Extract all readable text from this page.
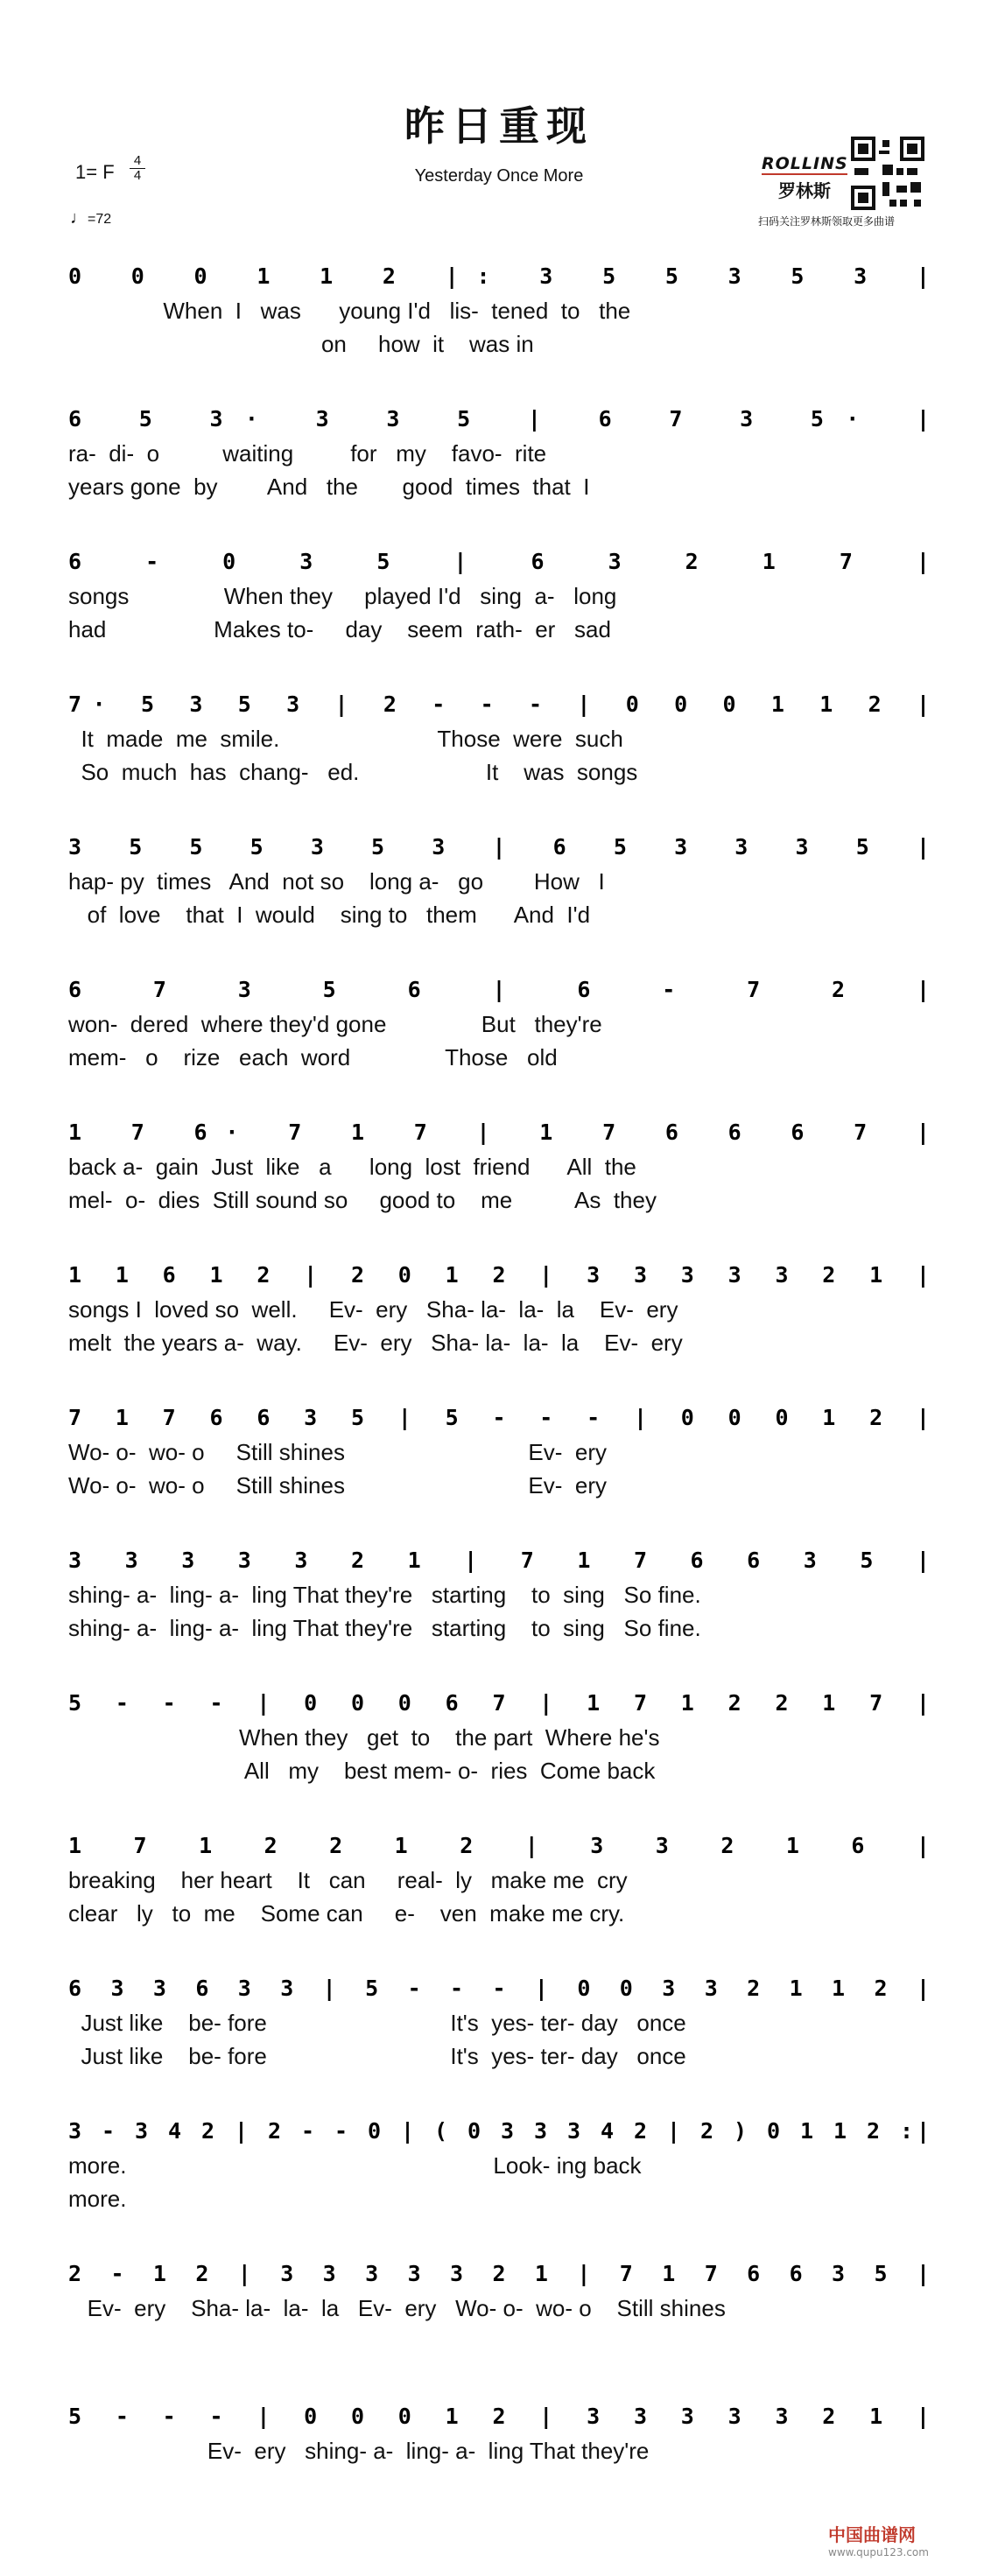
昨日重现
Yesterday Once More
1= F $\frac{4}{4}$
♩=72
ROLLINS
罗林斯
扫码关注罗林斯领取更多曲谱
0 0 0 1 1 2 |: 3 5 5 3 5 3 |
When  I   was      young I'd   lis-  tened  to   the
on     how  it    was in
6 5 3· 3 3 5 | 6 7 3 5· |
ra-  di-  o          waiting         for   my    favo-  rite
years gone  by        And   the       good  times  that  I
6 - 0 3 5 | 6 3 2 1 7 |
songs               When they     played I'd   sing  a-   long
had                 Makes to-     day    seem  rath-  er   sad
7· 5 3 5 3 | 2 - - - | 0 0 0 1 1 2 |
It  made  me  smile.                         Those  were  such
So  much  has  chang-   ed.                    It    was  songs
3 5 5 5 3 5 3 | 6 5 3 3 3 5 |
hap- py  times   And  not so    long a-   go        How   I
of  love    that  I  would    sing to   them      And  I'd
6 7 3 5 6 | 6 - 7 2 |
won-  dered  where they'd gone               But   they're
mem-   o    rize   each  word               Those   old
1 7 6· 7 1 7 | 1 7 6 6 6 7 |
back a-  gain  Just  like   a      long  lost  friend      All  the
mel-  o-  dies  Still sound so     good to    me          As  they
1 1 6 1 2 | 2 0 1 2 | 3 3 3 3 3 2 1 |
songs I  loved so  well.     Ev-  ery   Sha- la-  la-  la    Ev-  ery
melt  the years a-  way.     Ev-  ery   Sha- la-  la-  la    Ev-  ery
7 1 7 6 6 3 5 | 5 - - - | 0 0 0 1 2 |
Wo- o-  wo- o     Still shines                             Ev-  ery
Wo- o-  wo- o     Still shines                             Ev-  ery
3 3 3 3 3 2 1 | 7 1 7 6 6 3 5 |
shing- a-  ling- a-  ling That they're   starting    to  sing   So fine.
shing- a-  ling- a-  ling That they're   starting    to  sing   So fine.
5 - - - | 0 0 0 6 7 | 1 7 1 2 2 1 7 |
When they   get  to    the part  Where he's
All   my    best mem- o-  ries  Come back
1 7 1 2 2 1 2 | 3 3 2 1 6 |
breaking    her heart    It   can     real-  ly   make me  cry
clear   ly   to  me    Some can     e-    ven  make me cry.
6 3 3 6 3 3 | 5 - - - | 0 0 3 3 2 1 1 2 |
Just like    be- fore                             It's  yes- ter- day   once
Just like    be- fore                             It's  yes- ter- day   once
3 - 3 4 2 | 2 - - 0 | ( 0 3 3 3 4 2 | 2 ) 0 1 1 2 :|
more.                                                          Look- ing back
more.
2 - 1 2 | 3 3 3 3 3 2 1 | 7 1 7 6 6 3 5 |
Ev-  ery    Sha- la-  la-  la   Ev-  ery   Wo- o-  wo- o    Still shines
5 - - - | 0 0 0 1 2 | 3 3 3 3 3 2 1 |
Ev-  ery   shing- a-  ling- a-  ling That they're
中国曲谱网
www.qupu123.com
